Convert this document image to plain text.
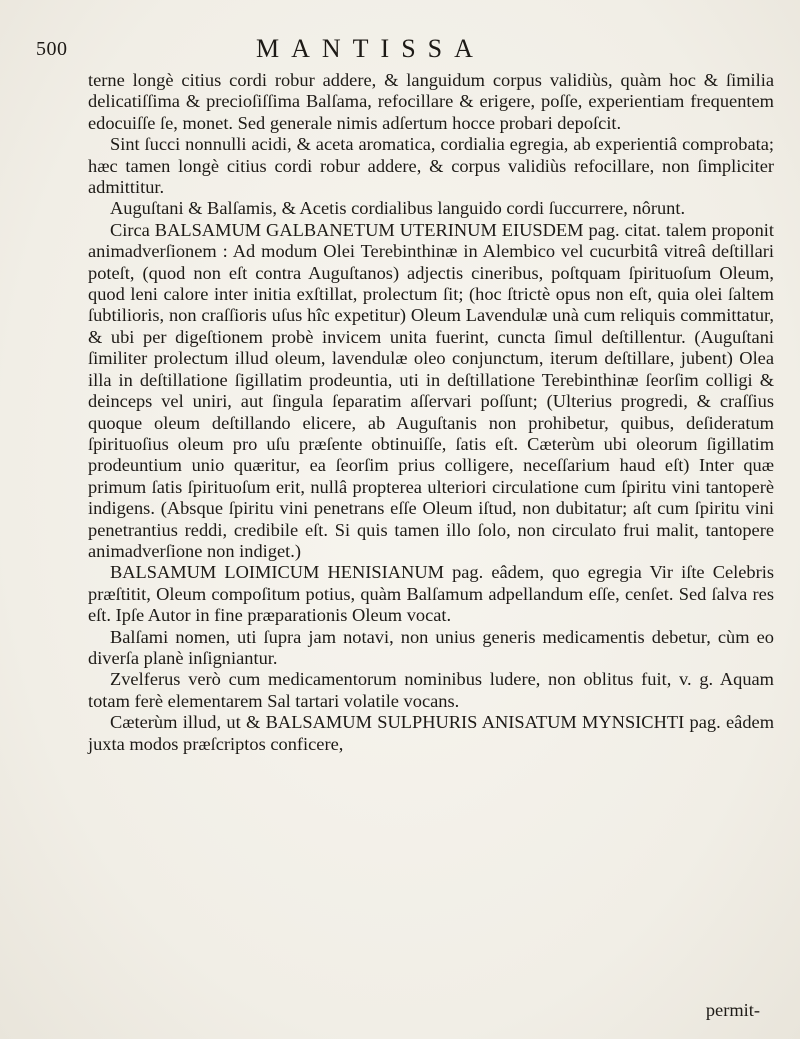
500	MANTISSA

terne longè citius cordi robur addere, & languidum corpus validiùs, quàm hoc & ſimilia delicatiſſima & precioſiſſima Balſama, refocillare & erigere, poſſe, experientiam frequentem edocuiſſe ſe, monet. Sed generale nimis adſertum hocce probari depoſcit.

Sint ſucci nonnulli acidi, & aceta aromatica, cordialia egregia, ab experientiâ comprobata; hæc tamen longè citius cordi robur addere, & corpus validiùs refocillare, non ſimpliciter admittitur.

Auguſtani & Balſamis, & Acetis cordialibus languido cordi ſuccurrere, nôrunt.

Circa BALSAMUM GALBANETUM UTERINUM EIUSDEM pag. citat. talem proponit animadverſionem : Ad modum Olei Terebinthinæ in Alembico vel cucurbitâ vitreâ deſtillari poteſt, (quod non eſt contra Auguſtanos) adjectis cineribus, poſtquam ſpirituoſum Oleum, quod leni calore inter initia exſtillat, prolectum ſit; (hoc ſtrictè opus non eſt, quia olei ſaltem ſubtilioris, non craſſioris uſus hîc expetitur) Oleum Lavendulæ unà cum reliquis committatur, & ubi per digeſtionem probè invicem unita fuerint, cuncta ſimul deſtillentur. (Auguſtani ſimiliter prolectum illud oleum, lavendulæ oleo conjunctum, iterum deſtillare, jubent) Olea illa in deſtillatione ſigillatim prodeuntia, uti in deſtillatione Terebinthinæ ſeorſim colligi & deinceps vel uniri, aut ſingula ſeparatim aſſervari poſſunt; (Ulterius progredi, & craſſius quoque oleum deſtillando elicere, ab Auguſtanis non prohibetur, quibus, deſideratum ſpirituoſius oleum pro uſu præſente obtinuiſſe, ſatis eſt. Cæterùm ubi oleorum ſigillatim prodeuntium unio quæritur, ea ſeorſim prius colligere, neceſſarium haud eſt) Inter quæ primum ſatis ſpirituoſum erit, nullâ propterea ulteriori circulatione cum ſpiritu vini tantoperè indigens. (Absque ſpiritu vini penetrans eſſe Oleum iſtud, non dubitatur; aſt cum ſpiritu vini penetrantius reddi, credibile eſt. Si quis tamen illo ſolo, non circulato frui malit, tantopere animadverſione non indiget.)

BALSAMUM LOIMICUM HENISIANUM pag. eâdem, quo egregia Vir iſte Celebris præſtitit, Oleum compoſitum potius, quàm Balſamum adpellandum eſſe, cenſet. Sed ſalva res eſt. Ipſe Autor in fine præparationis Oleum vocat.

Balſami nomen, uti ſupra jam notavi, non unius generis medicamentis debetur, cùm eo diverſa planè inſigniantur.

Zvelferus verò cum medicamentorum nominibus ludere, non oblitus fuit, v. g. Aquam totam ferè elementarem Sal tartari volatile vocans.

Cæterùm illud, ut & BALSAMUM SULPHURIS ANISATUM MYNSICHTI pag. eâdem juxta modos præſcriptos conficere,

permit-
